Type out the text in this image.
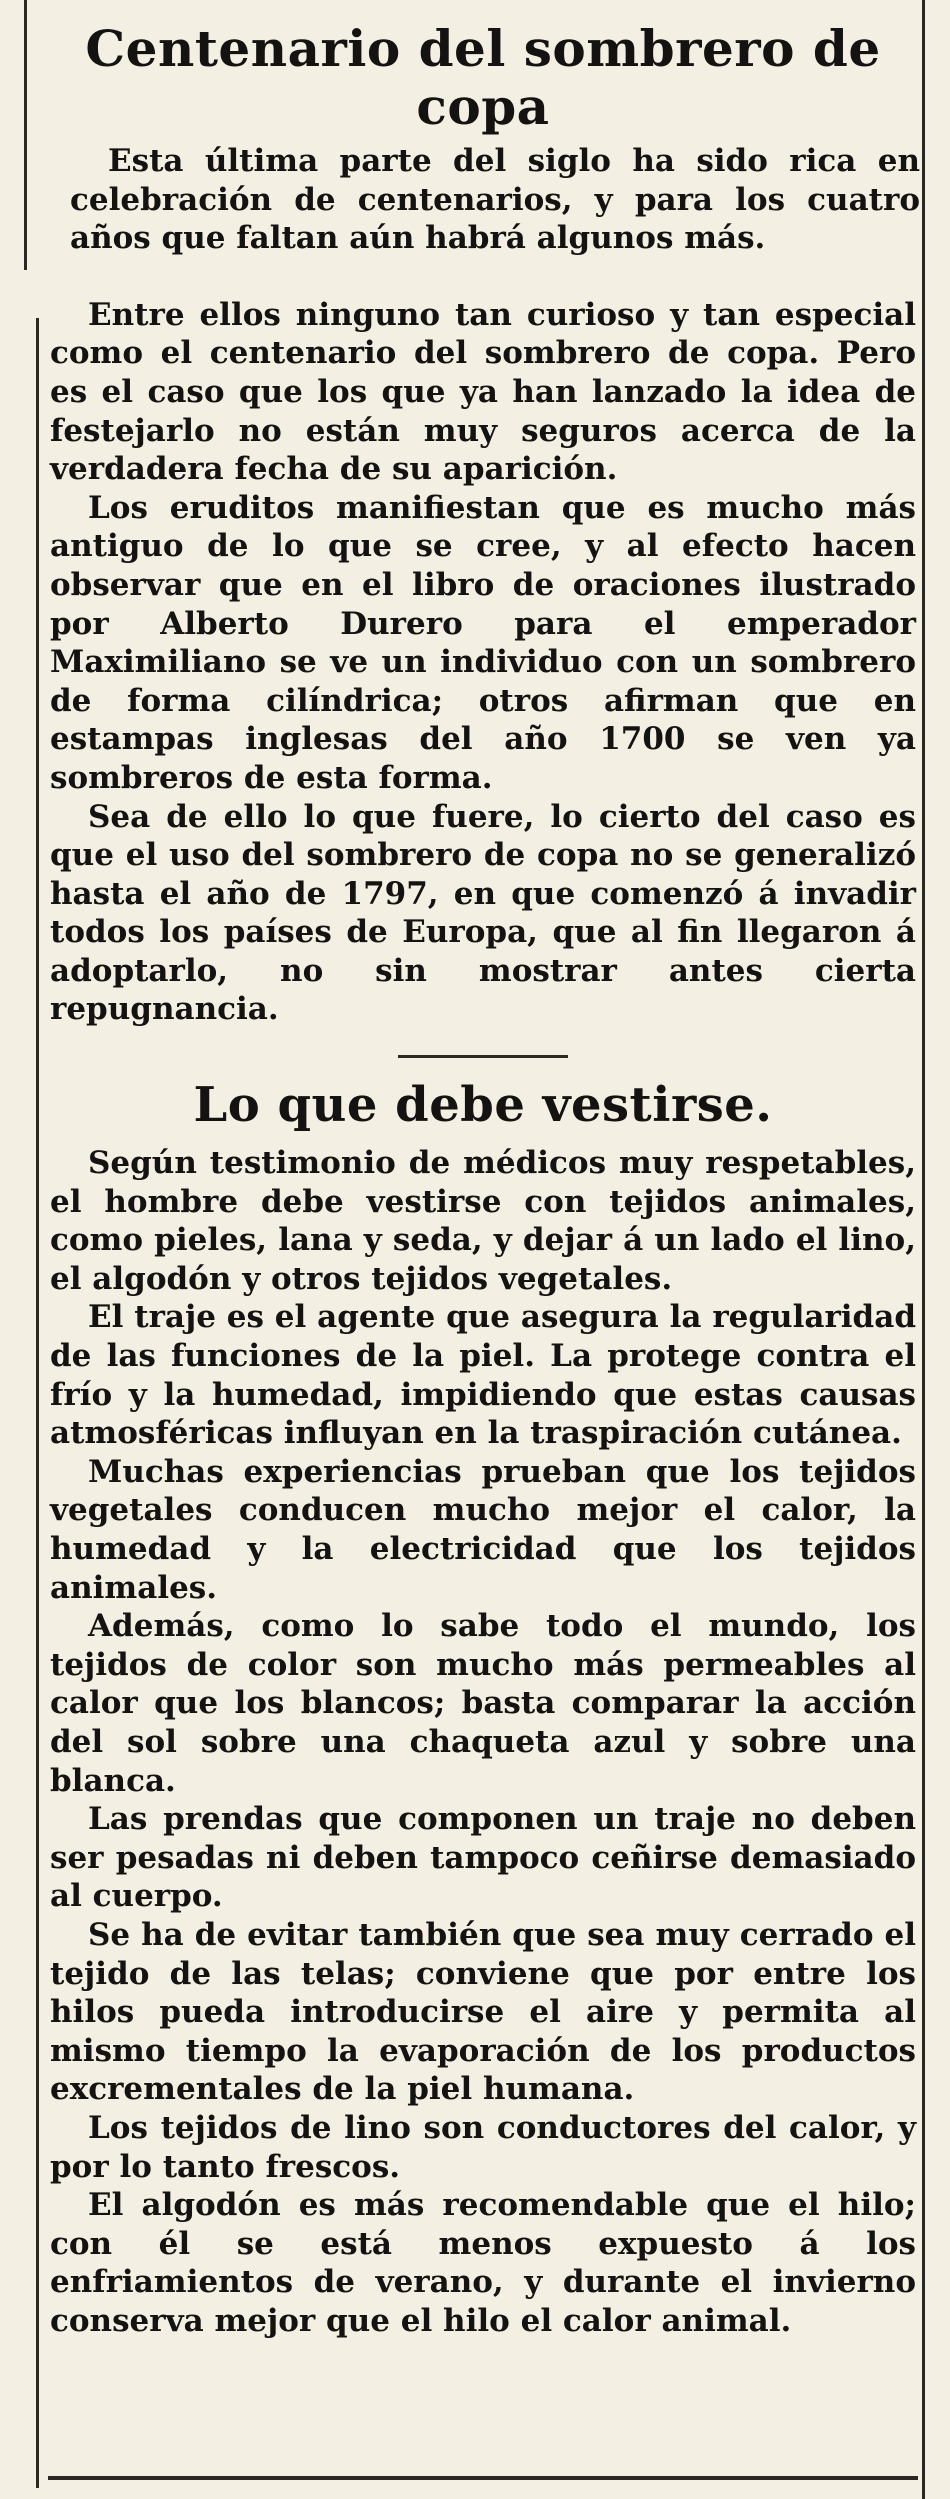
Centenario del sombrero de copa

Esta última parte del siglo ha sido rica en celebración de centenarios, y para los cuatro años que faltan aún habrá algunos más.

Entre ellos ninguno tan curioso y tan especial como el centenario del sombrero de copa. Pero es el caso que los que ya han lanzado la idea de festejarlo no están muy seguros acerca de la verdadera fecha de su aparición.

Los eruditos manifiestan que es mucho más antiguo de lo que se cree, y al efecto hacen observar que en el libro de oraciones ilustrado por Alberto Durero para el emperador Maximiliano se ve un individuo con un sombrero de forma cilíndrica; otros afirman que en estampas inglesas del año 1700 se ven ya sombreros de esta forma.

Sea de ello lo que fuere, lo cierto del caso es que el uso del sombrero de copa no se generalizó hasta el año de 1797, en que comenzó á invadir todos los países de Europa, que al fin llegaron á adoptarlo, no sin mostrar antes cierta repugnancia.

Lo que debe vestirse.

Según testimonio de médicos muy respetables, el hombre debe vestirse con tejidos animales, como pieles, lana y seda, y dejar á un lado el lino, el algodón y otros tejidos vegetales.

El traje es el agente que asegura la regularidad de las funciones de la piel. La protege contra el frío y la humedad, impidiendo que estas causas atmosféricas influyan en la traspiración cutánea.

Muchas experiencias prueban que los tejidos vegetales conducen mucho mejor el calor, la humedad y la electricidad que los tejidos animales.

Además, como lo sabe todo el mundo, los tejidos de color son mucho más permeables al calor que los blancos; basta comparar la acción del sol sobre una chaqueta azul y sobre una blanca.

Las prendas que componen un traje no deben ser pesadas ni deben tampoco ceñirse demasiado al cuerpo.

Se ha de evitar también que sea muy cerrado el tejido de las telas; conviene que por entre los hilos pueda introducirse el aire y permita al mismo tiempo la evaporación de los productos excrementales de la piel humana.

Los tejidos de lino son conductores del calor, y por lo tanto frescos.

El algodón es más recomendable que el hilo; con él se está menos expuesto á los enfriamientos de verano, y durante el invierno conserva mejor que el hilo el calor animal.
